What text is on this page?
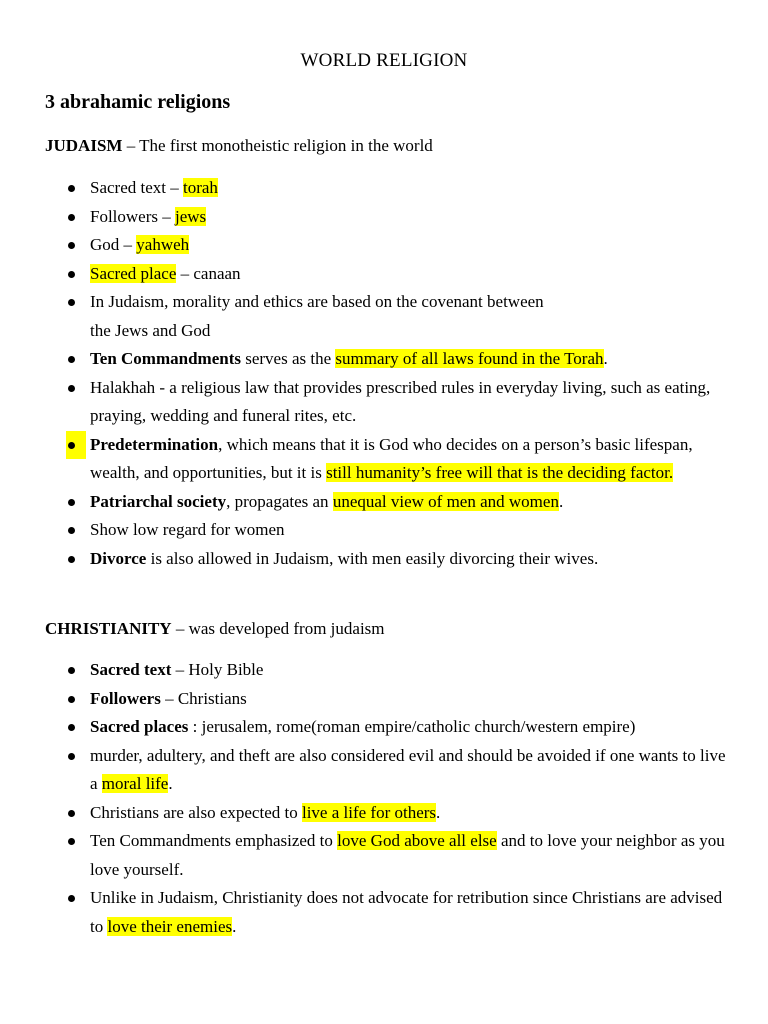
WORLD RELIGION
3 abrahamic religions
JUDAISM – The first monotheistic religion in the world
Sacred text – torah
Followers – jews
God – yahweh
Sacred place – canaan
In Judaism, morality and ethics are based on the covenant between
the Jews and God
Ten Commandments serves as the summary of all laws found in the Torah.
Halakhah - a religious law that provides prescribed rules in everyday living, such as eating, praying, wedding and funeral rites, etc.
Predetermination, which means that it is God who decides on a person’s basic lifespan, wealth, and opportunities, but it is still humanity’s free will that is the deciding factor.
Patriarchal society, propagates an unequal view of men and women.
Show low regard for women
Divorce is also allowed in Judaism, with men easily divorcing their wives.
CHRISTIANITY – was developed from judaism
Sacred text – Holy Bible
Followers – Christians
Sacred places : jerusalem, rome(roman empire/catholic church/western empire)
murder, adultery, and theft are also considered evil and should be avoided if one wants to live a moral life.
Christians are also expected to live a life for others.
Ten Commandments emphasized to love God above all else and to love your neighbor as you love yourself.
Unlike in Judaism, Christianity does not advocate for retribution since Christians are advised to love their enemies.
